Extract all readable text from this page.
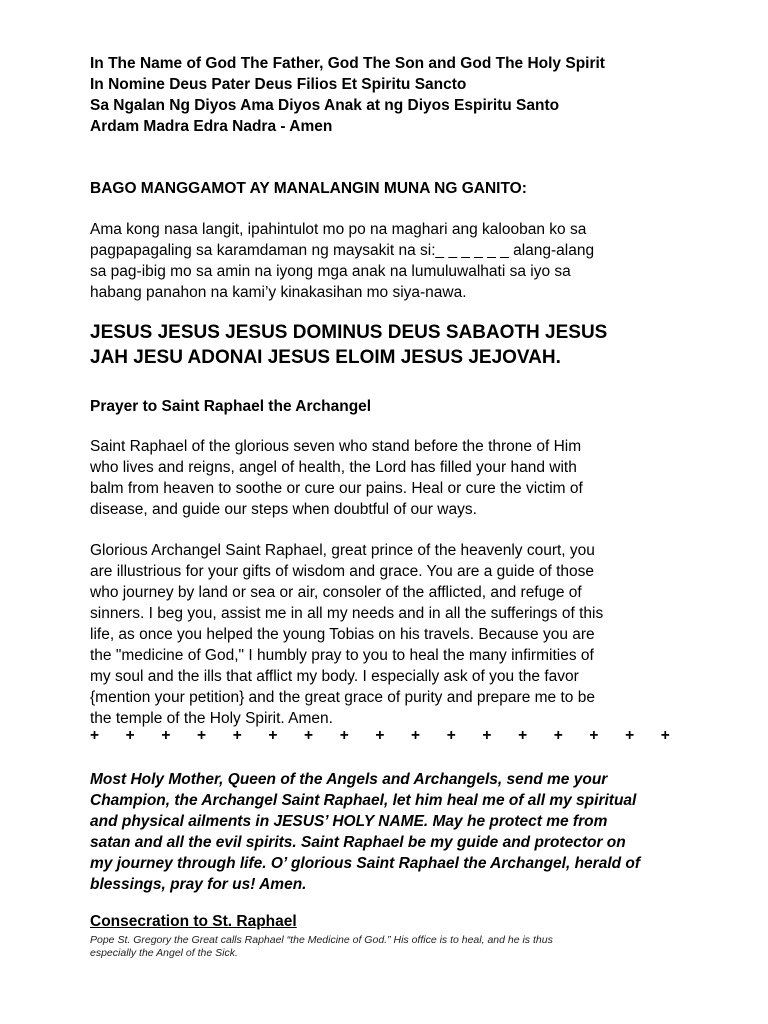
In The Name of God The Father, God The Son and God The Holy Spirit
In Nomine Deus Pater Deus Filios Et Spiritu Sancto
Sa Ngalan Ng Diyos Ama Diyos Anak at ng Diyos Espiritu Santo
Ardam Madra Edra Nadra - Amen
BAGO MANGGAMOT AY MANALANGIN MUNA NG GANITO:
Ama kong nasa langit, ipahintulot mo po na maghari ang kalooban ko sa
pagpapagaling sa karamdaman ng maysakit na si:_ _ _ _ _ _ alang-alang
sa pag-ibig mo sa amin na iyong mga anak na lumuluwalhati sa iyo sa
habang panahon na kami’y kinakasihan mo siya-nawa.
JESUS JESUS JESUS DOMINUS DEUS SABAOTH JESUS
JAH JESU ADONAI JESUS ELOIM JESUS JEJOVAH.
Prayer to Saint Raphael the Archangel
Saint Raphael of the glorious seven who stand before the throne of Him
who lives and reigns, angel of health, the Lord has filled your hand with
balm from heaven to soothe or cure our pains. Heal or cure the victim of
disease, and guide our steps when doubtful of our ways.
Glorious Archangel Saint Raphael, great prince of the heavenly court, you
are illustrious for your gifts of wisdom and grace. You are a guide of those
who journey by land or sea or air, consoler of the afflicted, and refuge of
sinners. I beg you, assist me in all my needs and in all the sufferings of this
life, as once you helped the young Tobias on his travels. Because you are
the "medicine of God," I humbly pray to you to heal the many infirmities of
my soul and the ills that afflict my body. I especially ask of you the favor
{mention your petition} and the great grace of purity and prepare me to be
the temple of the Holy Spirit. Amen.
+ + + + + + + + + + + + + + + + +
Most Holy Mother, Queen of the Angels and Archangels, send me your
Champion, the Archangel Saint Raphael, let him heal me of all my spiritual
and physical ailments in JESUS’ HOLY NAME. May he protect me from
satan and all the evil spirits. Saint Raphael be my guide and protector on
my journey through life. O’ glorious Saint Raphael the Archangel, herald of
blessings, pray for us! Amen.
Consecration to St. Raphael
Pope St. Gregory the Great calls Raphael “the Medicine of God.” His office is to heal, and he is thus
especially the Angel of the Sick.
